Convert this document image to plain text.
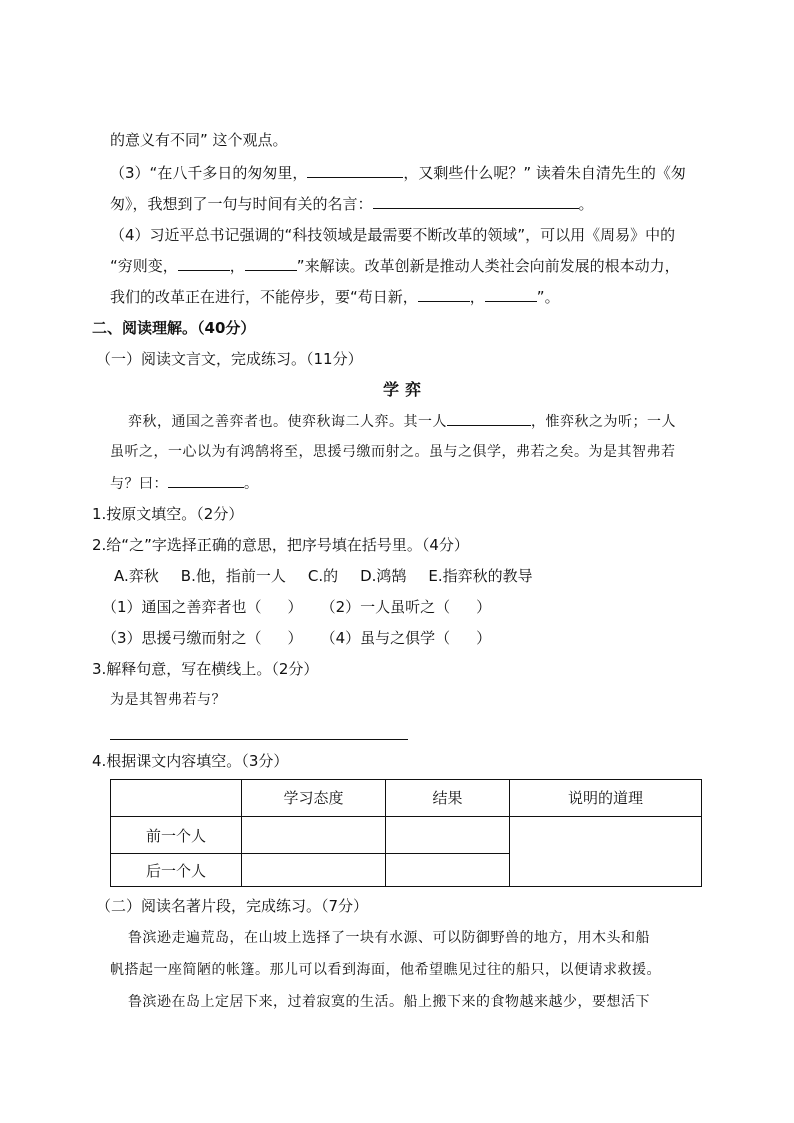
的意义有不同” 这个观点。
（3）“在八千多日的匆匆里，	，又剩些什么呢？” 读着朱自清先生的《匆
匆》，我想到了一句与时间有关的名言：	。
（4）习近平总书记强调的“科技领域是最需要不断改革的领域”，可以用《周易》中的
“穷则变，	，	”来解读。改革创新是推动人类社会向前发展的根本动力，
我们的改革正在进行，不能停步，要“苟日新，	，	”。
二、阅读理解。（40分）
（一）阅读文言文，完成练习。（11分）
学弈
弈秋，通国之善弈者也。使弈秋诲二人弈。其一人	，惟弈秋之为听；一人
虽听之，一心以为有鸿鹄将至，思援弓缴而射之。虽与之俱学，弗若之矣。为是其智弗若
与？曰：	。
1.按原文填空。（2分）
2.给“之”字选择正确的意思，把序号填在括号里。（4分）
A.弈秋 B.他，指前一人 C.的 D.鸿鹄 E.指弈秋的教导
（1）通国之善弈者也（ ） （2）一人虽听之（ ）
（3）思援弓缴而射之（ ） （4）虽与之俱学（ ）
3.解释句意，写在横线上。（2分）
为是其智弗若与？
4.根据课文内容填空。（3分）
	学习态度	结果	说明的道理
前一个人			
后一个人			
（二）阅读名著片段，完成练习。（7分）
鲁滨逊走遍荒岛，在山坡上选择了一块有水源、可以防御野兽的地方，用木头和船
帆搭起一座简陋的帐篷。那儿可以看到海面，他希望瞧见过往的船只，以便请求救援。
鲁滨逊在岛上定居下来，过着寂寞的生活。船上搬下来的食物越来越少，要想活下
